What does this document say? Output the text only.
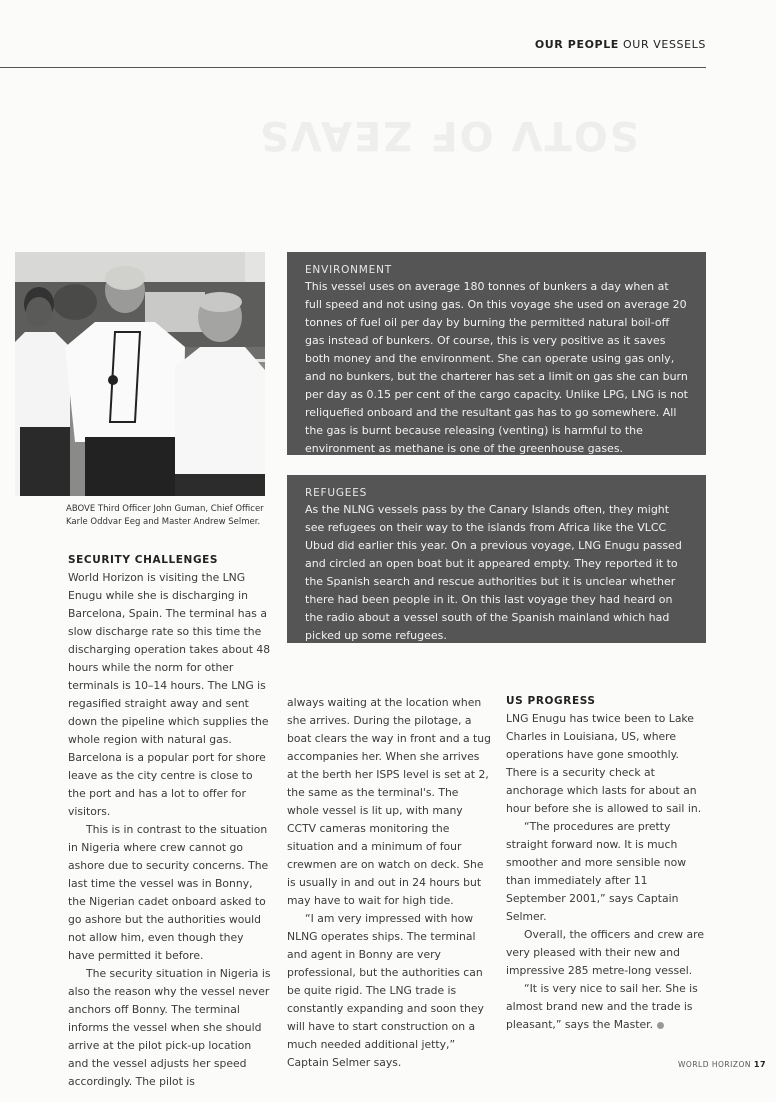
OUR PEOPLE OUR VESSELS
SOTV OF ZEAVS
ABOVE Third Officer John Guman, Chief Officer Karle Oddvar Eeg and Master Andrew Selmer.
ENVIRONMENT
This vessel uses on average 180 tonnes of bunkers a day when at full speed and not using gas. On this voyage she used on average 20 tonnes of fuel oil per day by burning the permitted natural boil-off gas instead of bunkers. Of course, this is very positive as it saves both money and the environment. She can operate using gas only, and no bunkers, but the charterer has set a limit on gas she can burn per day as 0.15 per cent of the cargo capacity. Unlike LPG, LNG is not reliquefied onboard and the resultant gas has to go somewhere. All the gas is burnt because releasing (venting) is harmful to the environment as methane is one of the greenhouse gases.
REFUGEES
As the NLNG vessels pass by the Canary Islands often, they might see refugees on their way to the islands from Africa like the VLCC Ubud did earlier this year. On a previous voyage, LNG Enugu passed and circled an open boat but it appeared empty. They reported it to the Spanish search and rescue authorities but it is unclear whether there had been people in it. On this last voyage they had heard on the radio about a vessel south of the Spanish mainland which had picked up some refugees.
SECURITY CHALLENGES

World Horizon is visiting the LNG Enugu while she is discharging in Barcelona, Spain. The terminal has a slow discharge rate so this time the discharging operation takes about 48 hours while the norm for other terminals is 10–14 hours. The LNG is regasified straight away and sent down the pipeline which supplies the whole region with natural gas. Barcelona is a popular port for shore leave as the city centre is close to the port and has a lot to offer for visitors.

This is in contrast to the situation in Nigeria where crew cannot go ashore due to security concerns. The last time the vessel was in Bonny, the Nigerian cadet onboard asked to go ashore but the authorities would not allow him, even though they have permitted it before.

The security situation in Nigeria is also the reason why the vessel never anchors off Bonny. The terminal informs the vessel when she should arrive at the pilot pick-up location and the vessel adjusts her speed accordingly. The pilot is

always waiting at the location when she arrives. During the pilotage, a boat clears the way in front and a tug accompanies her. When she arrives at the berth her ISPS level is set at 2, the same as the terminal's. The whole vessel is lit up, with many CCTV cameras monitoring the situation and a minimum of four crewmen are on watch on deck. She is usually in and out in 24 hours but may have to wait for high tide.

“I am very impressed with how NLNG operates ships. The terminal and agent in Bonny are very professional, but the authorities can be quite rigid. The LNG trade is constantly expanding and soon they will have to start construction on a much needed additional jetty,” Captain Selmer says.

US PROGRESS

LNG Enugu has twice been to Lake Charles in Louisiana, US, where operations have gone smoothly. There is a security check at anchorage which lasts for about an hour before she is allowed to sail in.

“The procedures are pretty straight forward now. It is much smoother and more sensible now than immediately after 11 September 2001,” says Captain Selmer.

Overall, the officers and crew are very pleased with their new and impressive 285 metre-long vessel.

“It is very nice to sail her. She is almost brand new and the trade is pleasant,” says the Master.

WORLD HORIZON 17
